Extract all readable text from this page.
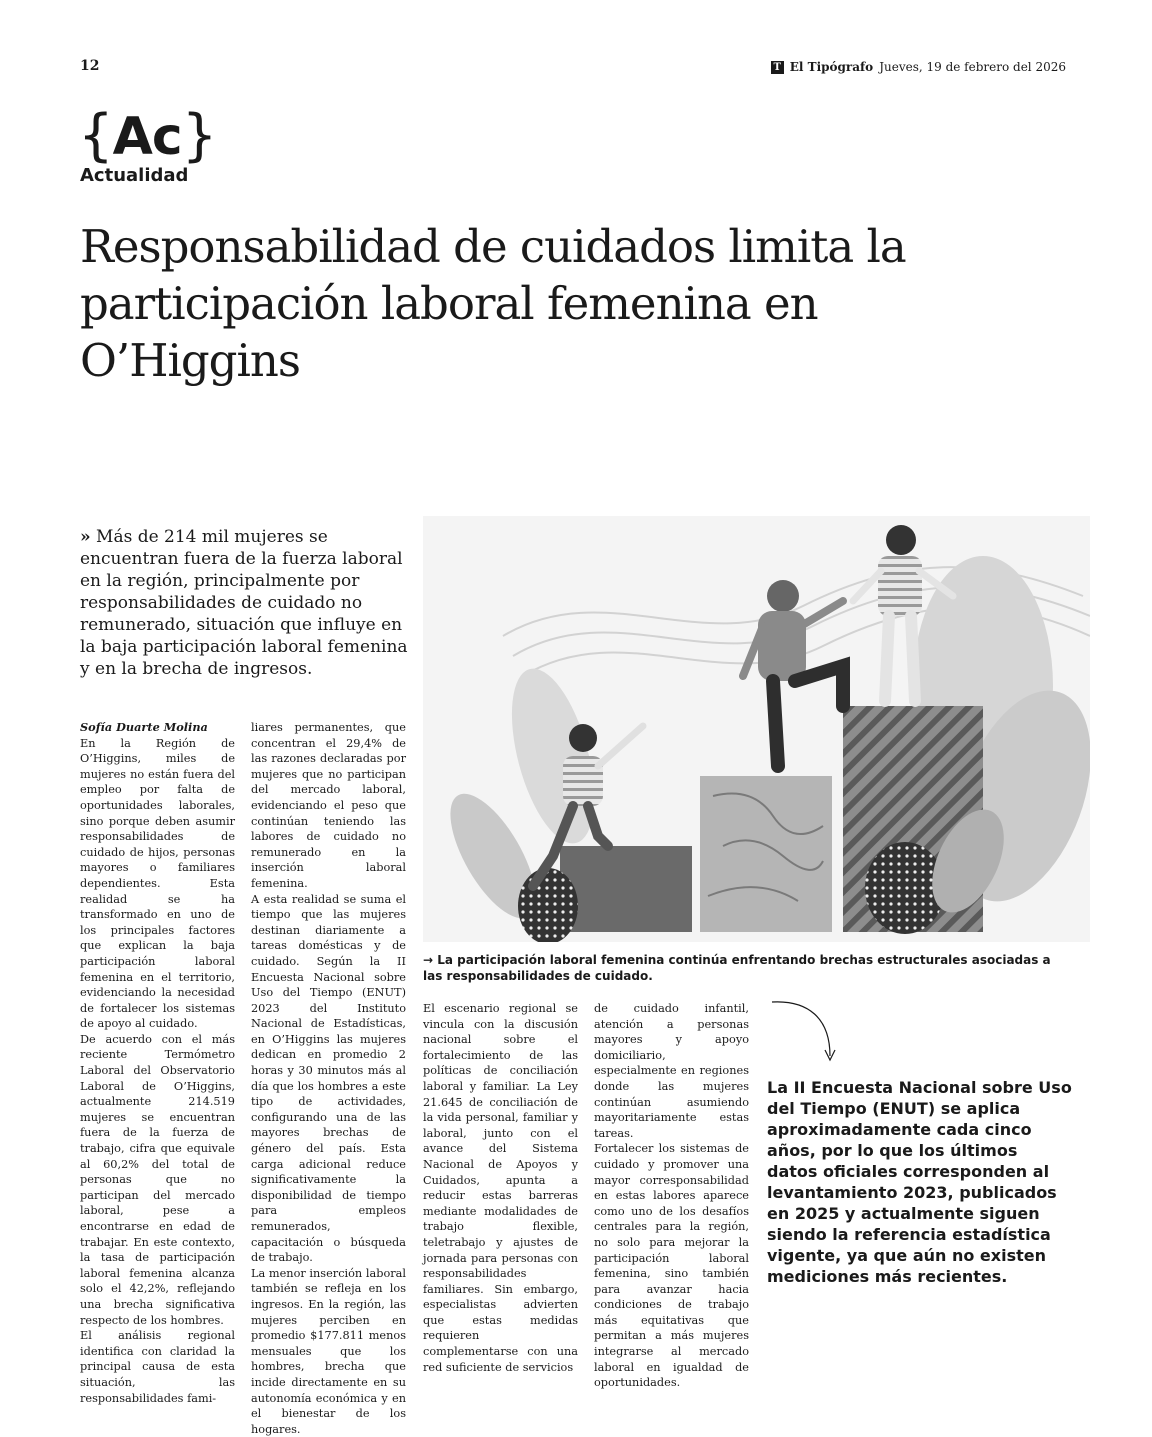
12	T El Tipógrafo Jueves, 19 de febrero del 2026
{Ac}
Actualidad
Responsabilidad de cuidados limita la participación laboral femenina en O’Higgins
» Más de 214 mil mujeres se encuentran fuera de la fuerza laboral en la región, principalmente por responsabilidades de cuidado no remunerado, situación que influye en la baja participación laboral femenina y en la brecha de ingresos.
→ La participación laboral femenina continúa enfrentando brechas estructurales asociadas a las responsabilidades de cuidado.

Sofía Duarte Molina

En la Región de O’Higgins, miles de mujeres no están fuera del empleo por falta de oportunidades laborales, sino porque deben asumir responsabilidades de cuidado de hijos, personas mayores o familiares dependientes. Esta realidad se ha transformado en uno de los principales factores que explican la baja participación laboral femenina en el territorio, evidenciando la necesidad de fortalecer los sistemas de apoyo al cuidado.

De acuerdo con el más reciente Termómetro Laboral del Observatorio Laboral de O’Higgins, actualmente 214.519 mujeres se encuentran fuera de la fuerza de trabajo, cifra que equivale al 60,2% del total de personas que no participan del mercado laboral, pese a encontrarse en edad de trabajar. En este contexto, la tasa de participación laboral femenina alcanza solo el 42,2%, reflejando una brecha significativa respecto de los hombres.

El análisis regional identifica con claridad la principal causa de esta situación, las responsabilidades fami-

liares permanentes, que concentran el 29,4% de las razones declaradas por mujeres que no participan del mercado laboral, evidenciando el peso que continúan teniendo las labores de cuidado no remunerado en la inserción laboral femenina.

A esta realidad se suma el tiempo que las mujeres destinan diariamente a tareas domésticas y de cuidado. Según la II Encuesta Nacional sobre Uso del Tiempo (ENUT) 2023 del Instituto Nacional de Estadísticas, en O’Higgins las mujeres dedican en promedio 2 horas y 30 minutos más al día que los hombres a este tipo de actividades, configurando una de las mayores brechas de género del país. Esta carga adicional reduce significativamente la disponibilidad de tiempo para empleos remunerados, capacitación o búsqueda de trabajo.

La menor inserción laboral también se refleja en los ingresos. En la región, las mujeres perciben en promedio $177.811 menos mensuales que los hombres, brecha que incide directamente en su autonomía económica y en el bienestar de los hogares.

El escenario regional se vincula con la discusión nacional sobre el fortalecimiento de las políticas de conciliación laboral y familiar. La Ley 21.645 de conciliación de la vida personal, familiar y laboral, junto con el avance del Sistema Nacional de Apoyos y Cuidados, apunta a reducir estas barreras mediante modalidades de trabajo flexible, teletrabajo y ajustes de jornada para personas con responsabilidades familiares. Sin embargo, especialistas advierten que estas medidas requieren complementarse con una red suficiente de servicios

de cuidado infantil, atención a personas mayores y apoyo domiciliario, especialmente en regiones donde las mujeres continúan asumiendo mayoritariamente estas tareas.

Fortalecer los sistemas de cuidado y promover una mayor corresponsabilidad en estas labores aparece como uno de los desafíos centrales para la región, no solo para mejorar la participación laboral femenina, sino también para avanzar hacia condiciones de trabajo más equitativas que permitan a más mujeres integrarse al mercado laboral en igualdad de oportunidades.

La II Encuesta Nacional sobre Uso del Tiempo (ENUT) se aplica aproximadamente cada cinco años, por lo que los últimos datos oficiales corresponden al levantamiento 2023, publicados en 2025 y actualmente siguen siendo la referencia estadística vigente, ya que aún no existen mediciones más recientes.
